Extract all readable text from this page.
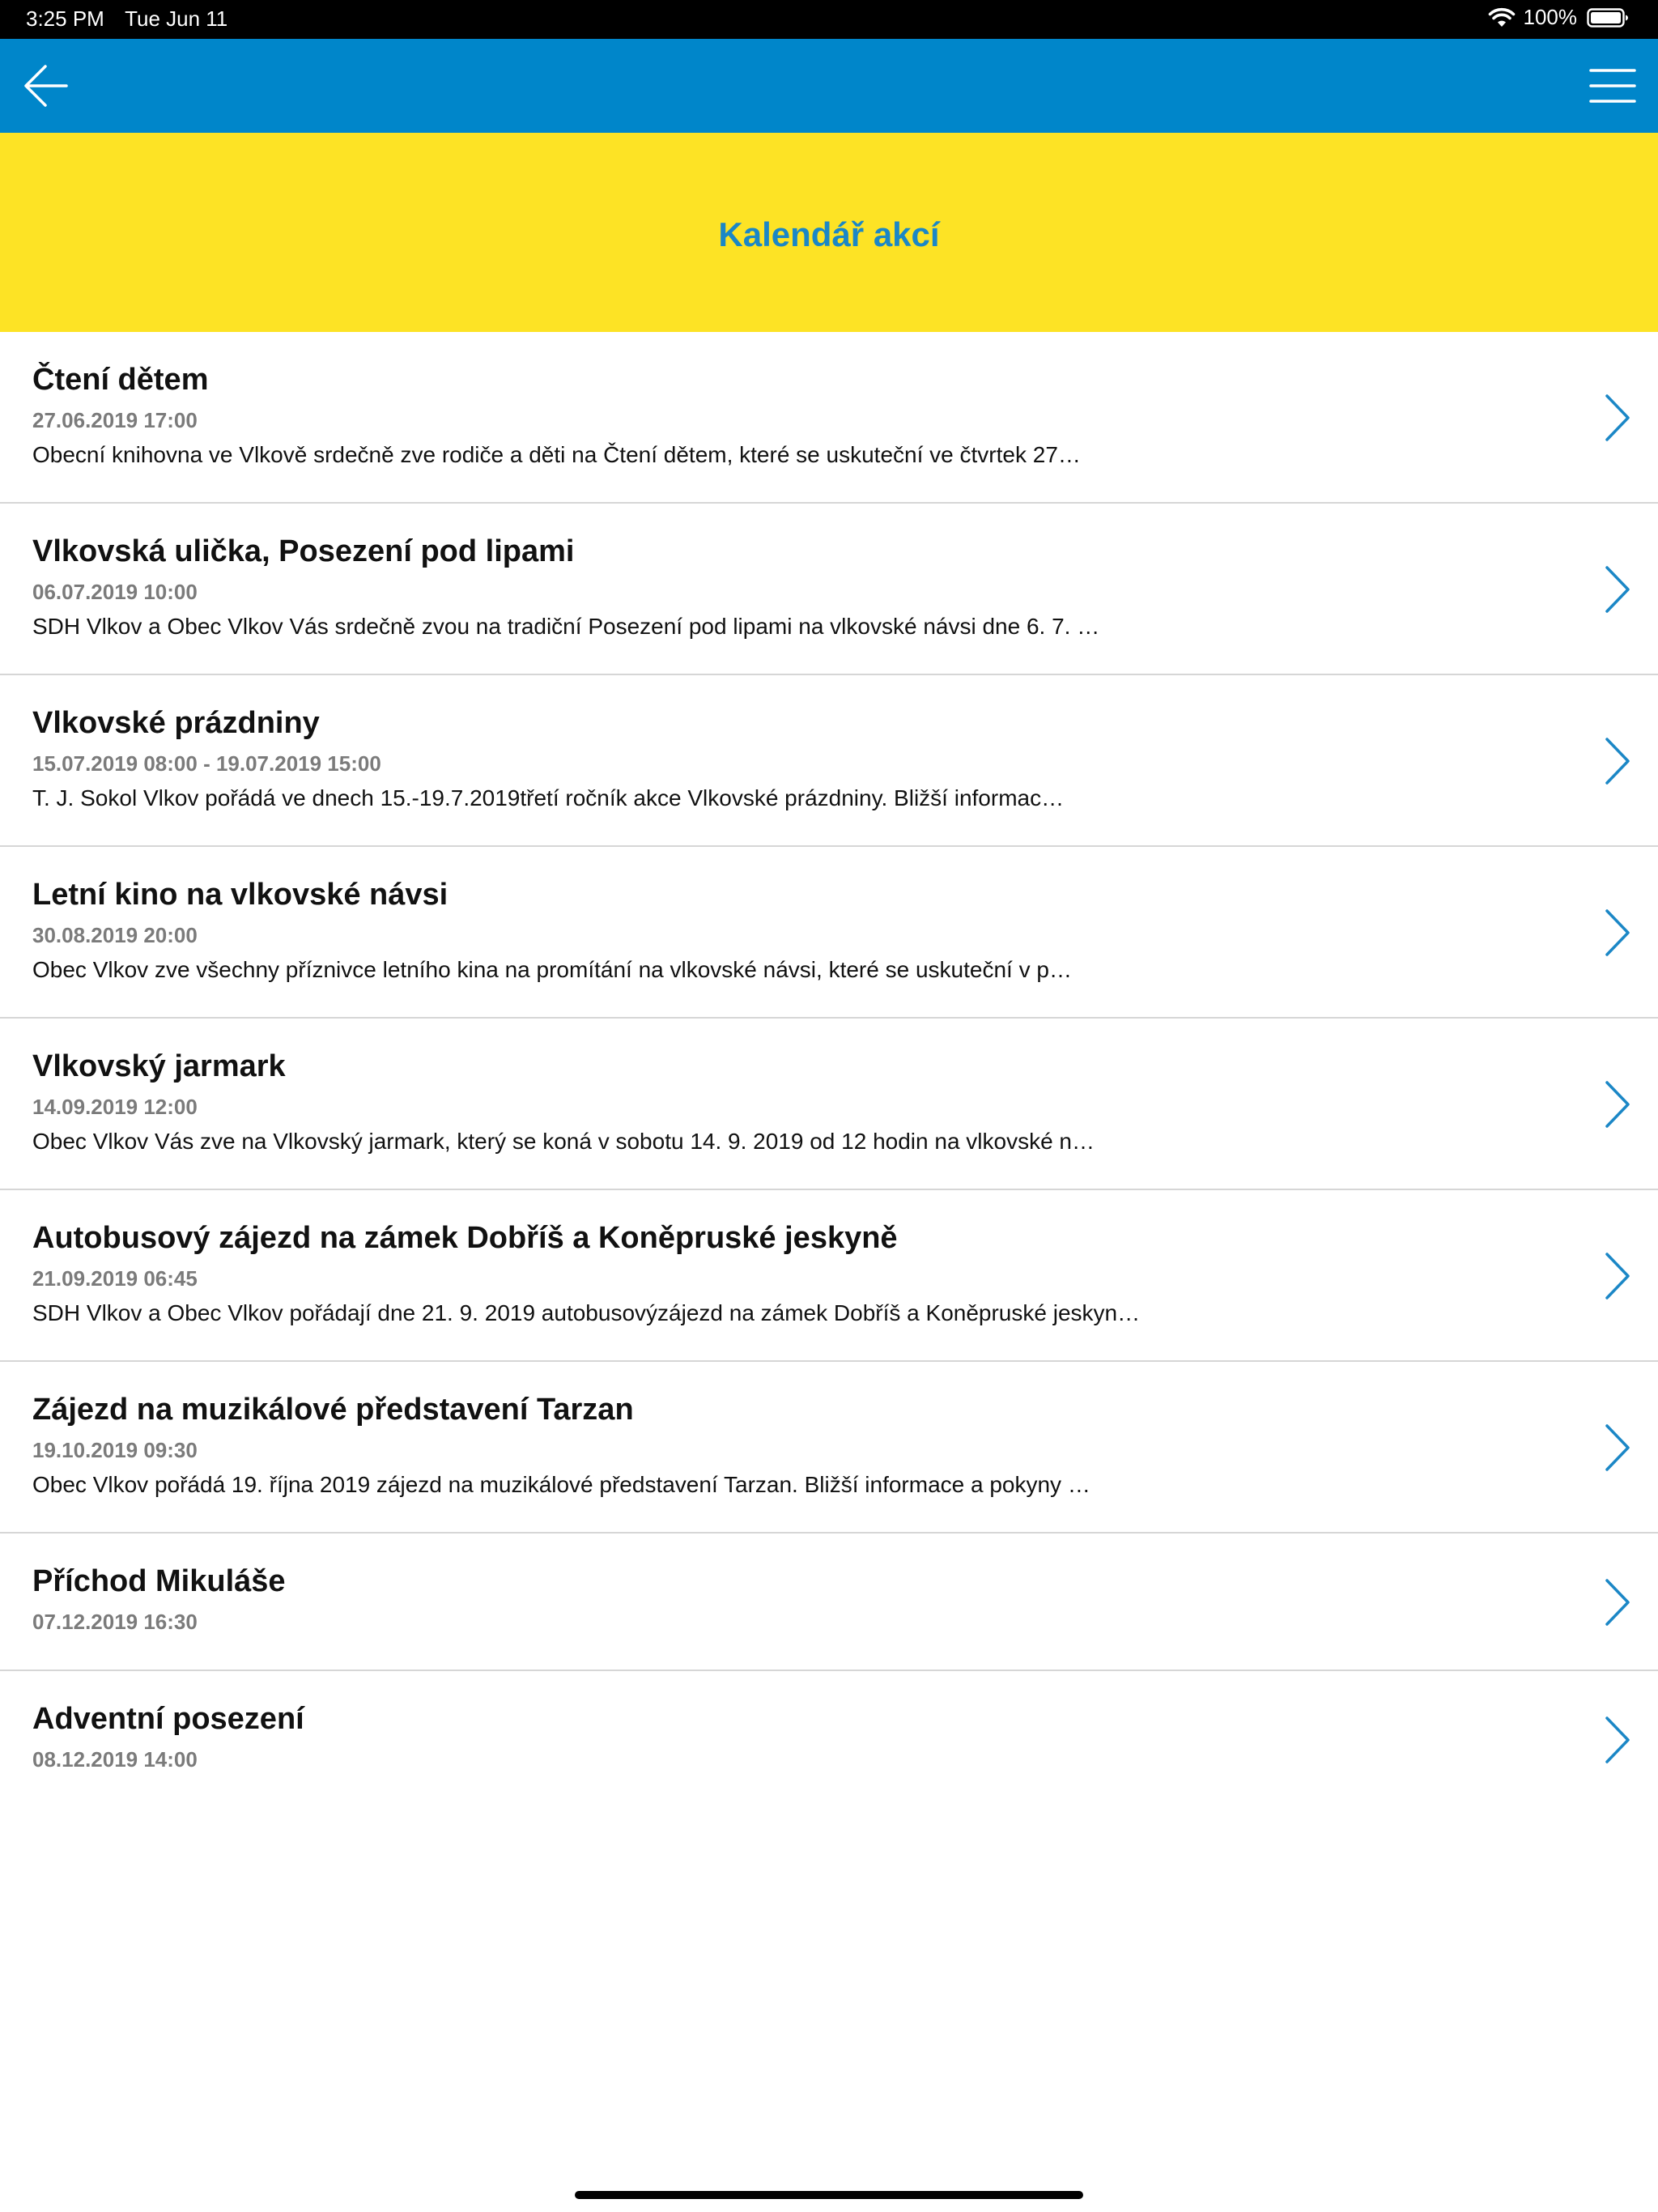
3:25 PM Tue Jun 11	100%
Kalendář akcí
Čtení dětem
27.06.2019 17:00
Obecní knihovna ve Vlkově srdečně zve rodiče a děti na Čtení dětem, které se uskuteční ve čtvrtek 27…
Vlkovská ulička, Posezení pod lipami
06.07.2019 10:00
SDH Vlkov a Obec Vlkov Vás srdečně zvou na tradiční Posezení pod lipami na vlkovské návsi dne 6. 7. …
Vlkovské prázdniny
15.07.2019 08:00 - 19.07.2019 15:00
T. J. Sokol Vlkov pořádá ve dnech 15.-19.7.2019třetí ročník akce Vlkovské prázdniny. Bližší informac…
Letní kino na vlkovské návsi
30.08.2019 20:00
Obec Vlkov zve všechny příznivce letního kina na promítání na vlkovské návsi, které se uskuteční v p…
Vlkovský jarmark
14.09.2019 12:00
Obec Vlkov Vás zve na Vlkovský jarmark, který se koná v sobotu 14. 9. 2019 od 12 hodin na vlkovské n…
Autobusový zájezd na zámek Dobříš a Koněpruské jeskyně
21.09.2019 06:45
SDH Vlkov a Obec Vlkov pořádají dne 21. 9. 2019 autobusovýzájezd na zámek Dobříš a Koněpruské jeskyn…
Zájezd na muzikálové představení Tarzan
19.10.2019 09:30
Obec Vlkov pořádá 19. října 2019 zájezd na muzikálové představení Tarzan. Bližší informace a pokyny …
Příchod Mikuláše
07.12.2019 16:30
Adventní posezení
08.12.2019 14:00
